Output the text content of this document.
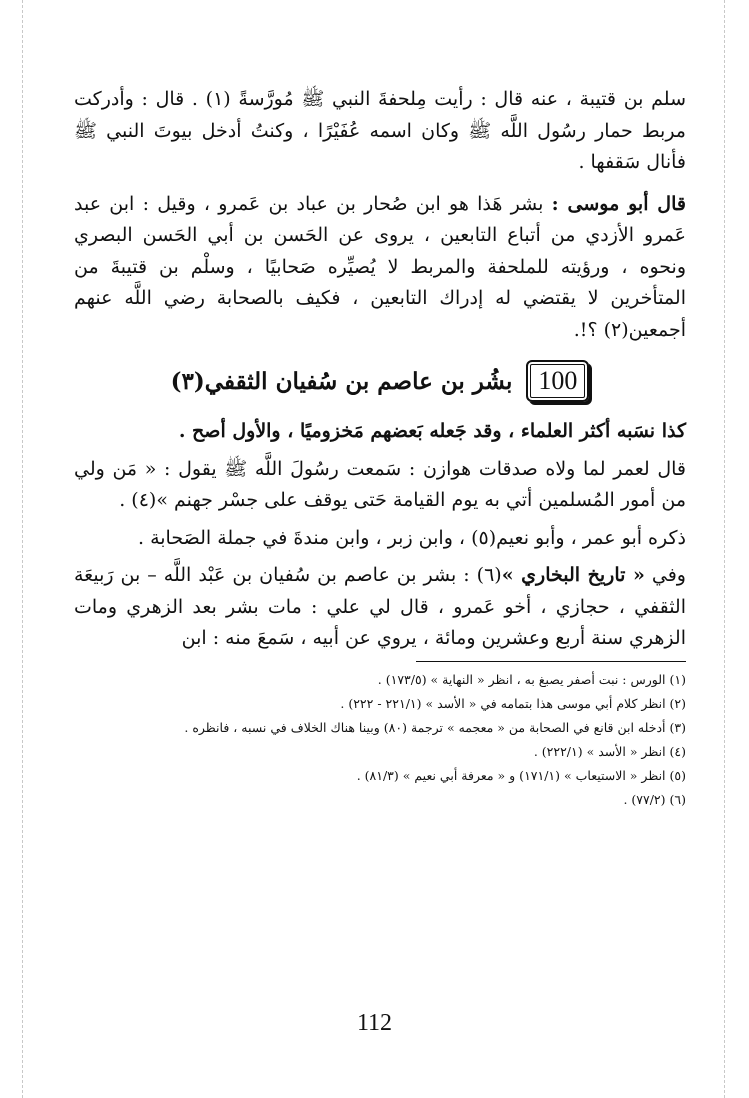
سلم بن قتيبة ، عنه قال : رأيت مِلحفةَ النبي ﷺ مُورَّسةً (١) . قال : وأدركت مربط حمار رسُول اللَّه ﷺ وكان اسمه عُفَيْرًا ، وكنتُ أدخل بيوتَ النبي ﷺ فأنال سَقفها .

قال أبو موسى : بشر هَذا هو ابن صُحار بن عباد بن عَمرو ، وقيل : ابن عبد عَمرو الأزدي من أتباع التابعين ، يروى عن الحَسن بن أبي الحَسن البصري ونحوه ، ورؤيته للملحفة والمربط لا يُصيِّره صَحابيًا ، وسلْم بن قتيبةَ من المتأخرين لا يقتضي له إدراك التابعين ، فكيف بالصحابة رضي اللَّه عنهم أجمعين(٢) ؟!.

100
بشُر بن عاصم بن سُفيان الثقفي(٣)

كذا نسَبه أكثر العلماء ، وقد جَعله بَعضهم مَخزوميًا ، والأول أصح .

قال لعمر لما ولاه صدقات هوازن : سَمعت رسُولَ اللَّه ﷺ يقول : « مَن ولي من أمور المُسلمين أتي به يوم القيامة حَتى يوقف على جسْر جهنم »(٤) .

ذكره أبو عمر ، وأبو نعيم(٥) ، وابن زبر ، وابن مندةَ في جملة الصَحابة .

وفي « تاريخ البخاري »(٦) : بشر بن عاصم بن سُفيان بن عَبْد اللَّه – بن رَبيعَة الثقفي ، حجازي ، أخو عَمرو ، قال لي علي : مات بشر بعد الزهري ومات الزهري سنة أربع وعشرين ومائة ، يروي عن أبيه ، سَمعَ منه : ابن

(١) الورس : نبت أصفر يصبغ به ، انظر « النهاية » (١٧٣/٥) .

(٢) انظر كلام أبي موسى هذا بتمامه في « الأسد » (٢٢١/١ - ٢٢٢) .

(٣) أدخله ابن قانع في الصحابة من « معجمه » ترجمة (٨٠) وبينا هناك الخلاف في نسبه ، فانظره .

(٤) انظر « الأسد » (٢٢٢/١) .

(٥) انظر « الاستيعاب » (١٧١/١) و « معرفة أبي نعيم » (٨١/٣) .

(٦) (٧٧/٢) .

112
